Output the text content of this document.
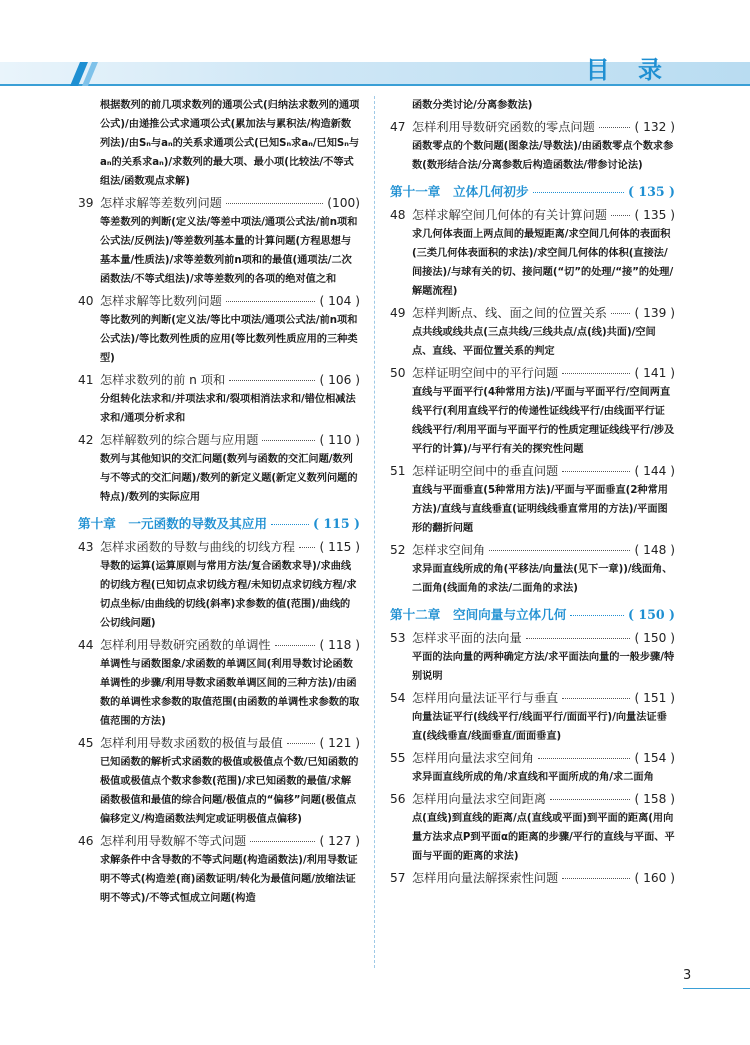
目 录
根据数列的前几项求数列的通项公式(归纳法求数列的通项公式)/由递推公式求通项公式(累加法与累积法/构造新数列法)/由Sₙ与aₙ的关系求通项公式(已知Sₙ求aₙ/已知Sₙ与aₙ的关系求aₙ)/求数列的最大项、最小项(比较法/不等式组法/函数观点求解)
39 怎样求解等差数列问题	(100)
等差数列的判断(定义法/等差中项法/通项公式法/前n项和公式法/反例法)/等差数列基本量的计算问题(方程思想与基本量/性质法)/求等差数列前n项和的最值(通项法/二次函数法/不等式组法)/求等差数列的各项的绝对值之和
40 怎样求解等比数列问题	( 104 )
等比数列的判断(定义法/等比中项法/通项公式法/前n项和公式法)/等比数列性质的应用(等比数列性质应用的三种类型)
41 怎样求数列的前 n 项和	( 106 )
分组转化法求和/并项法求和/裂项相消法求和/错位相减法求和/通项分析求和
42 怎样解数列的综合题与应用题	( 110 )
数列与其他知识的交汇问题(数列与函数的交汇问题/数列与不等式的交汇问题)/数列的新定义题(新定义数列问题的特点)/数列的实际应用
第十章　一元函数的导数及其应用	( 115 )
43 怎样求函数的导数与曲线的切线方程 ( 115 )
导数的运算(运算原则与常用方法/复合函数求导)/求曲线的切线方程(已知切点求切线方程/未知切点求切线方程/求切点坐标/由曲线的切线(斜率)求参数的值(范围)/曲线的公切线问题)
44 怎样利用导数研究函数的单调性	( 118 )
单调性与函数图象/求函数的单调区间(利用导数讨论函数单调性的步骤/利用导数求函数单调区间的三种方法)/由函数的单调性求参数的取值范围(由函数的单调性求参数的取值范围的方法)
45 怎样利用导数求函数的极值与最值	( 121 )
已知函数的解析式求函数的极值或极值点个数/已知函数的极值或极值点个数求参数(范围)/求已知函数的最值/求解函数极值和最值的综合问题/极值点的“偏移”问题(极值点偏移定义/构造函数法判定或证明极值点偏移)
46 怎样利用导数解不等式问题	( 127 )
求解条件中含导数的不等式问题(构造函数法)/利用导数证明不等式(构造差(商)函数证明/转化为最值问题/放缩法证明不等式)/不等式恒成立问题(构造
函数分类讨论/分离参数法)
47 怎样利用导数研究函数的零点问题	( 132 )
函数零点的个数问题(图象法/导数法)/由函数零点个数求参数(数形结合法/分离参数后构造函数法/带参讨论法)
第十一章　立体几何初步	( 135 )
48 怎样求解空间几何体的有关计算问题 ( 135 )
求几何体表面上两点间的最短距离/求空间几何体的表面积(三类几何体表面积的求法)/求空间几何体的体积(直接法/间接法)/与球有关的切、接问题(“切”的处理/“接”的处理/解题流程)
49 怎样判断点、线、面之间的位置关系 ( 139 )
点共线或线共点(三点共线/三线共点/点(线)共面)/空间点、直线、平面位置关系的判定
50 怎样证明空间中的平行问题	( 141 )
直线与平面平行(4种常用方法)/平面与平面平行/空间两直线平行(利用直线平行的传递性证线线平行/由线面平行证线线平行/利用平面与平面平行的性质定理证线线平行/涉及平行的计算)/与平行有关的探究性问题
51 怎样证明空间中的垂直问题	( 144 )
直线与平面垂直(5种常用方法)/平面与平面垂直(2种常用方法)/直线与直线垂直(证明线线垂直常用的方法)/平面图形的翻折问题
52 怎样求空间角	( 148 )
求异面直线所成的角(平移法/向量法(见下一章))/线面角、二面角(线面角的求法/二面角的求法)
第十二章　空间向量与立体几何	( 150 )
53 怎样求平面的法向量	( 150 )
平面的法向量的两种确定方法/求平面法向量的一般步骤/特别说明
54 怎样用向量法证平行与垂直	( 151 )
向量法证平行(线线平行/线面平行/面面平行)/向量法证垂直(线线垂直/线面垂直/面面垂直)
55 怎样用向量法求空间角	( 154 )
求异面直线所成的角/求直线和平面所成的角/求二面角
56 怎样用向量法求空间距离	( 158 )
点(直线)到直线的距离/点(直线或平面)到平面的距离(用向量方法求点P到平面α的距离的步骤/平行的直线与平面、平面与平面的距离的求法)
57 怎样用向量法解探索性问题	( 160 )
3
